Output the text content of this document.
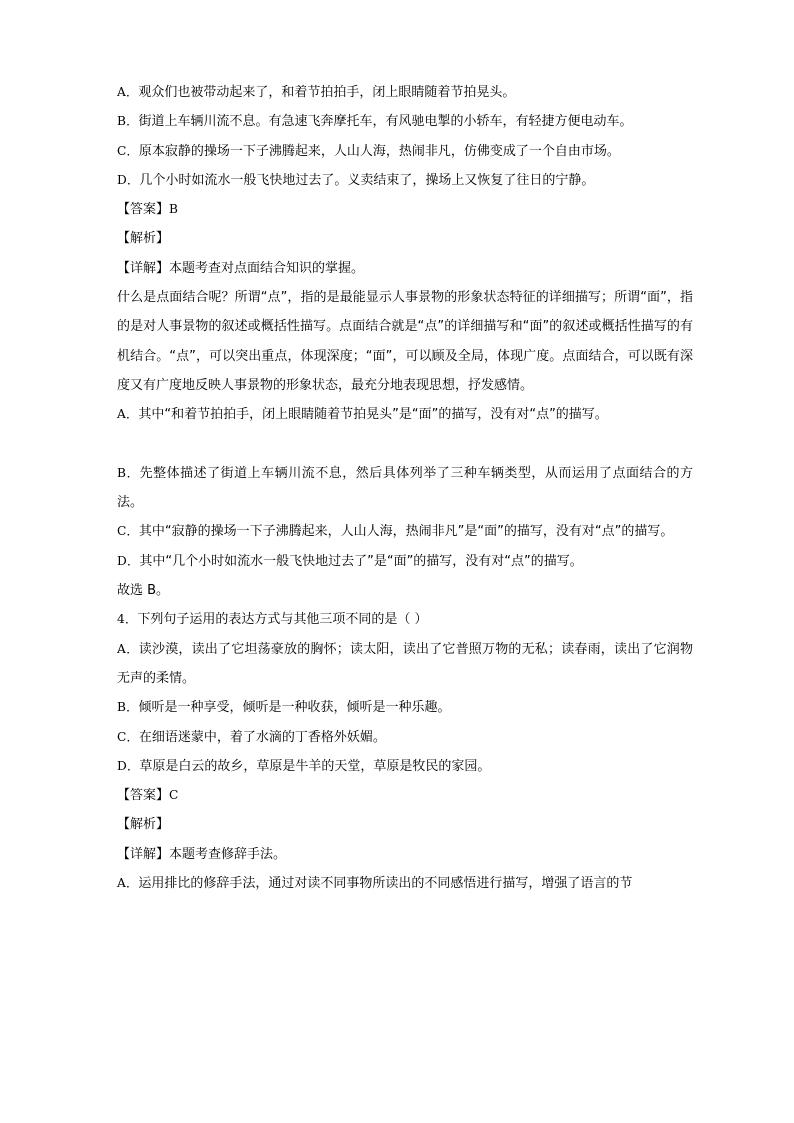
A．观众们也被带动起来了，和着节拍拍手，闭上眼睛随着节拍晃头。

B．街道上车辆川流不息。有急速飞奔摩托车，有风驰电掣的小轿车，有轻捷方便电动车。

C．原本寂静的操场一下子沸腾起来，人山人海，热闹非凡，仿佛变成了一个自由市场。

D．几个小时如流水一般飞快地过去了。义卖结束了，操场上又恢复了往日的宁静。

【答案】B

【解析】

【详解】本题考查对点面结合知识的掌握。

什么是点面结合呢？所谓“点”，指的是最能显示人事景物的形象状态特征的详细描写；所谓“面”，指的是对人事景物的叙述或概括性描写。点面结合就是“点”的详细描写和“面”的叙述或概括性描写的有机结合。“点”，可以突出重点，体现深度；“面”，可以顾及全局，体现广度。点面结合，可以既有深度又有广度地反映人事景物的形象状态，最充分地表现思想，抒发感情。

A．其中“和着节拍拍手，闭上眼睛随着节拍晃头”是“面”的描写，没有对“点”的描写。

B．先整体描述了街道上车辆川流不息，然后具体列举了三种车辆类型，从而运用了点面结合的方法。

C．其中“寂静的操场一下子沸腾起来，人山人海，热闹非凡”是“面”的描写，没有对“点”的描写。

D．其中“几个小时如流水一般飞快地过去了”是“面”的描写，没有对“点”的描写。

故选 B。

4．下列句子运用的表达方式与其他三项不同的是（ ）

A．读沙漠，读出了它坦荡豪放的胸怀；读太阳，读出了它普照万物的无私；读春雨，读出了它润物无声的柔情。

B．倾听是一种享受，倾听是一种收获，倾听是一种乐趣。

C．在细语迷蒙中，着了水滴的丁香格外妖媚。

D．草原是白云的故乡，草原是牛羊的天堂，草原是牧民的家园。

【答案】C

【解析】

【详解】本题考查修辞手法。

A．运用排比的修辞手法，通过对读不同事物所读出的不同感悟进行描写，增强了语言的节
